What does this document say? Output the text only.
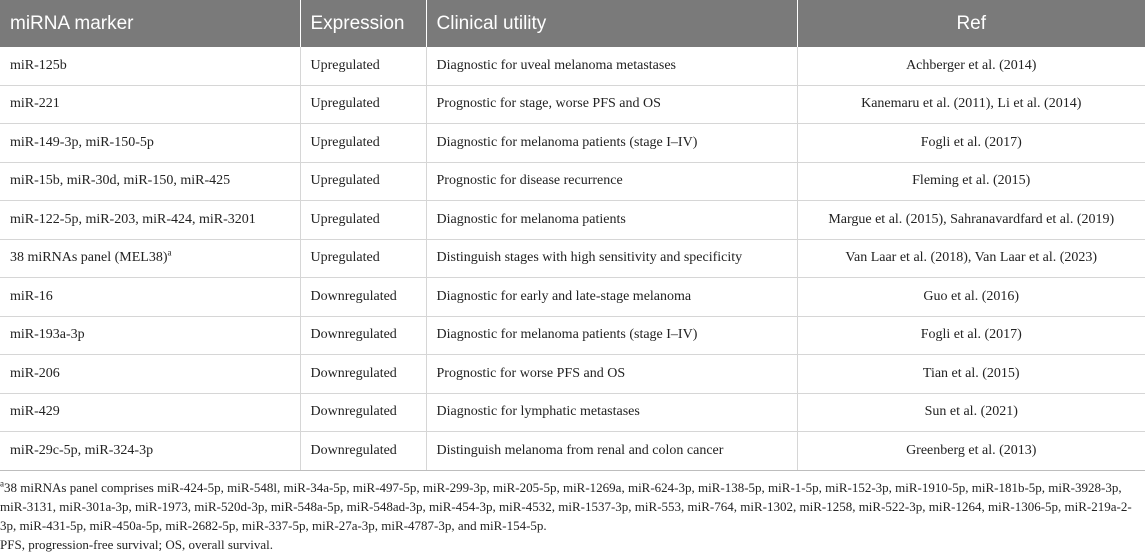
miRNA marker	Expression	Clinical utility	Ref
miR-125b	Upregulated	Diagnostic for uveal melanoma metastases	Achberger et al. (2014)
miR-221	Upregulated	Prognostic for stage, worse PFS and OS	Kanemaru et al. (2011), Li et al. (2014)
miR-149-3p, miR-150-5p	Upregulated	Diagnostic for melanoma patients (stage I–IV)	Fogli et al. (2017)
miR-15b, miR-30d, miR-150, miR-425	Upregulated	Prognostic for disease recurrence	Fleming et al. (2015)
miR-122-5p, miR-203, miR-424, miR-3201	Upregulated	Diagnostic for melanoma patients	Margue et al. (2015), Sahranavardfard et al. (2019)
38 miRNAs panel $(MEL38)^a$	Upregulated	Distinguish stages with high sensitivity and specificity	Van Laar et al. (2018), Van Laar et al. (2023)
miR-16	Downregulated	Diagnostic for early and late-stage melanoma	Guo et al. (2016)
miR-193a-3p	Downregulated	Diagnostic for melanoma patients (stage I–IV)	Fogli et al. (2017)
miR-206	Downregulated	Prognostic for worse PFS and OS	Tian et al. (2015)
miR-429	Downregulated	Diagnostic for lymphatic metastases	Sun et al. (2021)
miR-29c-5p, miR-324-3p	Downregulated	Distinguish melanoma from renal and colon cancer	Greenberg et al. (2013)

$^a$38 miRNAs panel comprises miR-424-5p, miR-548l, miR-34a-5p, miR-497-5p, miR-299-3p, miR-205-5p, miR-1269a, miR-624-3p, miR-138-5p, miR-1-5p, miR-152-3p, miR-1910-5p, miR-181b-5p, miR-3928-3p, miR-3131, miR-301a-3p, miR-1973, miR-520d-3p, miR-548a-5p, miR-548ad-3p, miR-454-3p, miR-4532, miR-1537-3p, miR-553, miR-764, miR-1302, miR-1258, miR-522-3p, miR-1264, miR-1306-5p, miR-219a-2-3p, miR-431-5p, miR-450a-5p, miR-2682-5p, miR-337-5p, miR-27a-3p, miR-4787-3p, and miR-154-5p.

PFS, progression-free survival; OS, overall survival.
